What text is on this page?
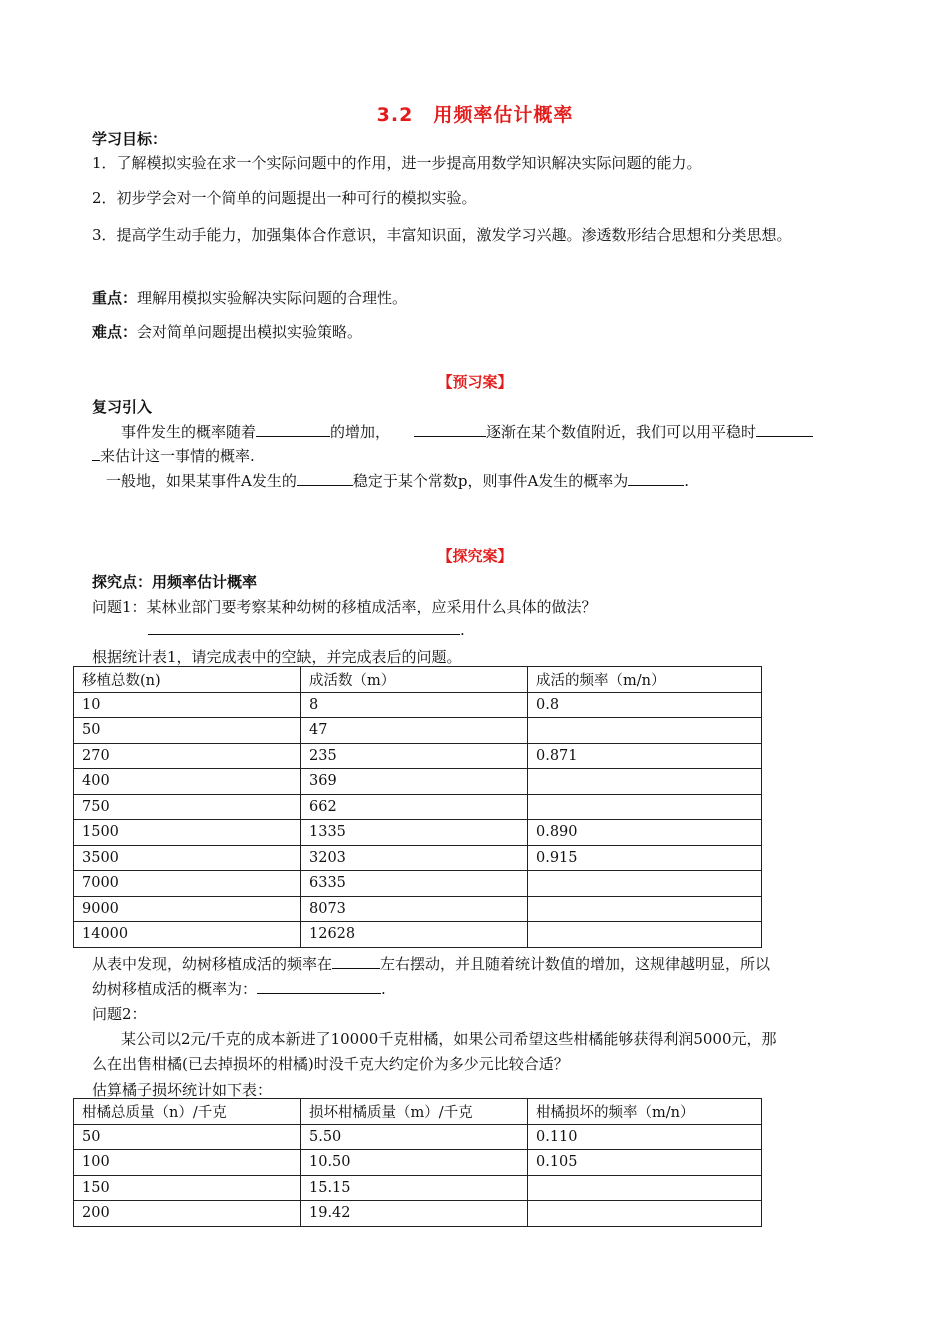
3.2　用频率估计概率
学习目标：
1．了解模拟实验在求一个实际问题中的作用，进一步提高用数学知识解决实际问题的能力。
2．初步学会对一个简单的问题提出一种可行的模拟实验。
3．提高学生动手能力，加强集体合作意识，丰富知识面，激发学习兴趣。渗透数形结合思想和分类思想。
重点：理解用模拟实验解决实际问题的合理性。
难点：会对简单问题提出模拟实验策略。
【预习案】
复习引入
事件发生的概率随着	的增加，	逐渐在某个数值附近，我们可以用平稳时
来估计这一事情的概率.
一般地，如果某事件A发生的	稳定于某个常数p，则事件A发生的概率为	.
【探究案】
探究点：用频率估计概率
问题1：某林业部门要考察某种幼树的移植成活率，应采用什么具体的做法？
.
根据统计表1，请完成表中的空缺，并完成表后的问题。
移植总数(n)	成活数（m）	成活的频率（m/n）
10	8	0.8
50	47	
270	235	0.871
400	369	
750	662	
1500	1335	0.890
3500	3203	0.915
7000	6335	
9000	8073	
14000	12628	
从表中发现，幼树移植成活的频率在	左右摆动，并且随着统计数值的增加，这规律越明显，所以
幼树移植成活的概率为：	.
问题2：
某公司以2元/千克的成本新进了10000千克柑橘，如果公司希望这些柑橘能够获得利润5000元，那
么在出售柑橘(已去掉损坏的柑橘)时没千克大约定价为多少元比较合适？
估算橘子损坏统计如下表：
柑橘总质量（n）/千克	损坏柑橘质量（m）/千克	柑橘损坏的频率（m/n）
50	5.50	0.110
100	10.50	0.105
150	15.15	
200	19.42	
